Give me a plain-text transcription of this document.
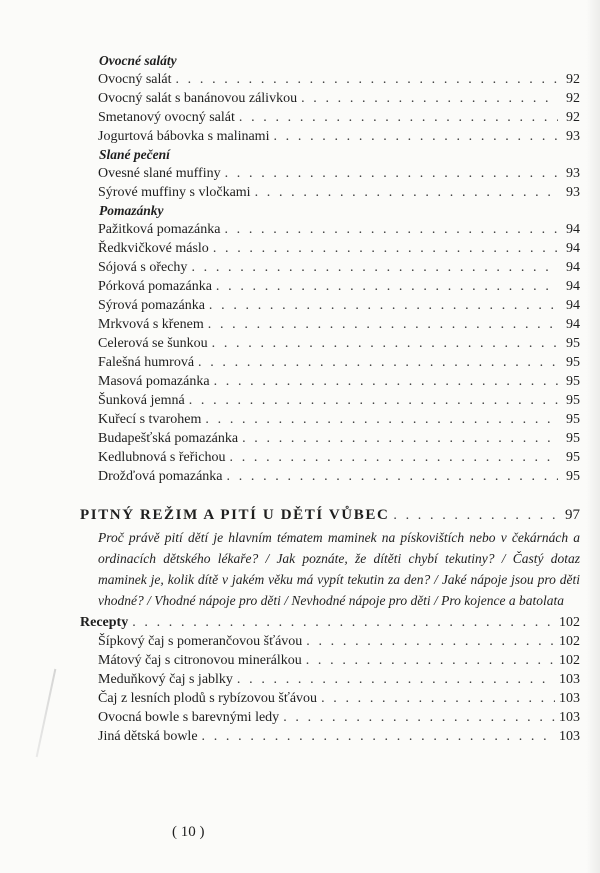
Ovocné saláty
Ovocný salát . . .	92
Ovocný salát s banánovou zálivkou . . .	92
Smetanový ovocný salát . . .	92
Jogurtová bábovka s malinami . . .	93
Slané pečení
Ovesné slané muffiny . . .	93
Sýrové muffiny s vločkami . . .	93
Pomazánky
Pažitková pomazánka . . .	94
Ředkvičkové máslo . . .	94
Sójová s ořechy . . .	94
Pórková pomazánka . . .	94
Sýrová pomazánka . . .	94
Mrkvová s křenem . . .	94
Celerová se šunkou . . .	95
Falešná humrová . . .	95
Masová pomazánka . . .	95
Šunková jemná . . .	95
Kuřecí s tvarohem . . .	95
Budapešťská pomazánka . . .	95
Kedlubnová s řeřichou . . .	95
Drožďová pomazánka . . .	95
PITNÝ REŽIM A PITÍ U DĚTÍ VŮBEC . . .	97
Proč právě pití dětí je hlavním tématem maminek na pískovištích nebo v čekárnách a ordinacích dětského lékaře? / Jak poznáte, že dítěti chybí tekutiny? / Častý dotaz maminek je, kolik dítě v jakém věku má vypít tekutin za den? / Jaké nápoje jsou pro děti vhodné? / Vhodné nápoje pro děti / Nevhodné nápoje pro děti / Pro kojence a batolata
Recepty . . .	102
Šípkový čaj s pomerančovou šťávou . . .	102
Mátový čaj s citronovou minerálkou . . .	102
Meduňkový čaj s jablky . . .	103
Čaj z lesních plodů s rybízovou šťávou . . .	103
Ovocná bowle s barevnými ledy . . .	103
Jiná dětská bowle . . .	103
( 10 )
